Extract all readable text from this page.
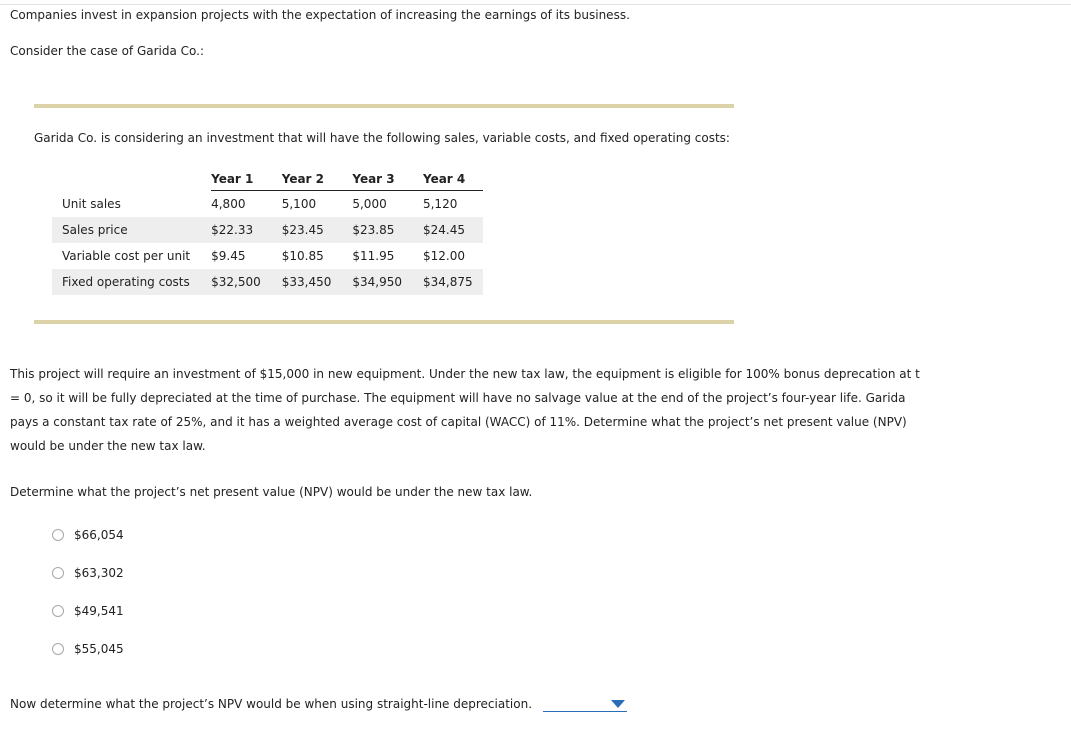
Companies invest in expansion projects with the expectation of increasing the earnings of its business.
Consider the case of Garida Co.:
Garida Co. is considering an investment that will have the following sales, variable costs, and fixed operating costs:
	Year 1	Year 2	Year 3	Year 4
Unit sales	4,800	5,100	5,000	5,120
Sales price	$22.33	$23.45	$23.85	$24.45
Variable cost per unit	$9.45	$10.85	$11.95	$12.00
Fixed operating costs	$32,500	$33,450	$34,950	$34,875
This project will require an investment of $15,000 in new equipment. Under the new tax law, the equipment is eligible for 100% bonus deprecation at t = 0, so it will be fully depreciated at the time of purchase. The equipment will have no salvage value at the end of the project’s four-year life. Garida pays a constant tax rate of 25%, and it has a weighted average cost of capital (WACC) of 11%. Determine what the project’s net present value (NPV) would be under the new tax law.
Determine what the project’s net present value (NPV) would be under the new tax law.
$66,054
$63,302
$49,541
$55,045
Now determine what the project’s NPV would be when using straight-line depreciation.
